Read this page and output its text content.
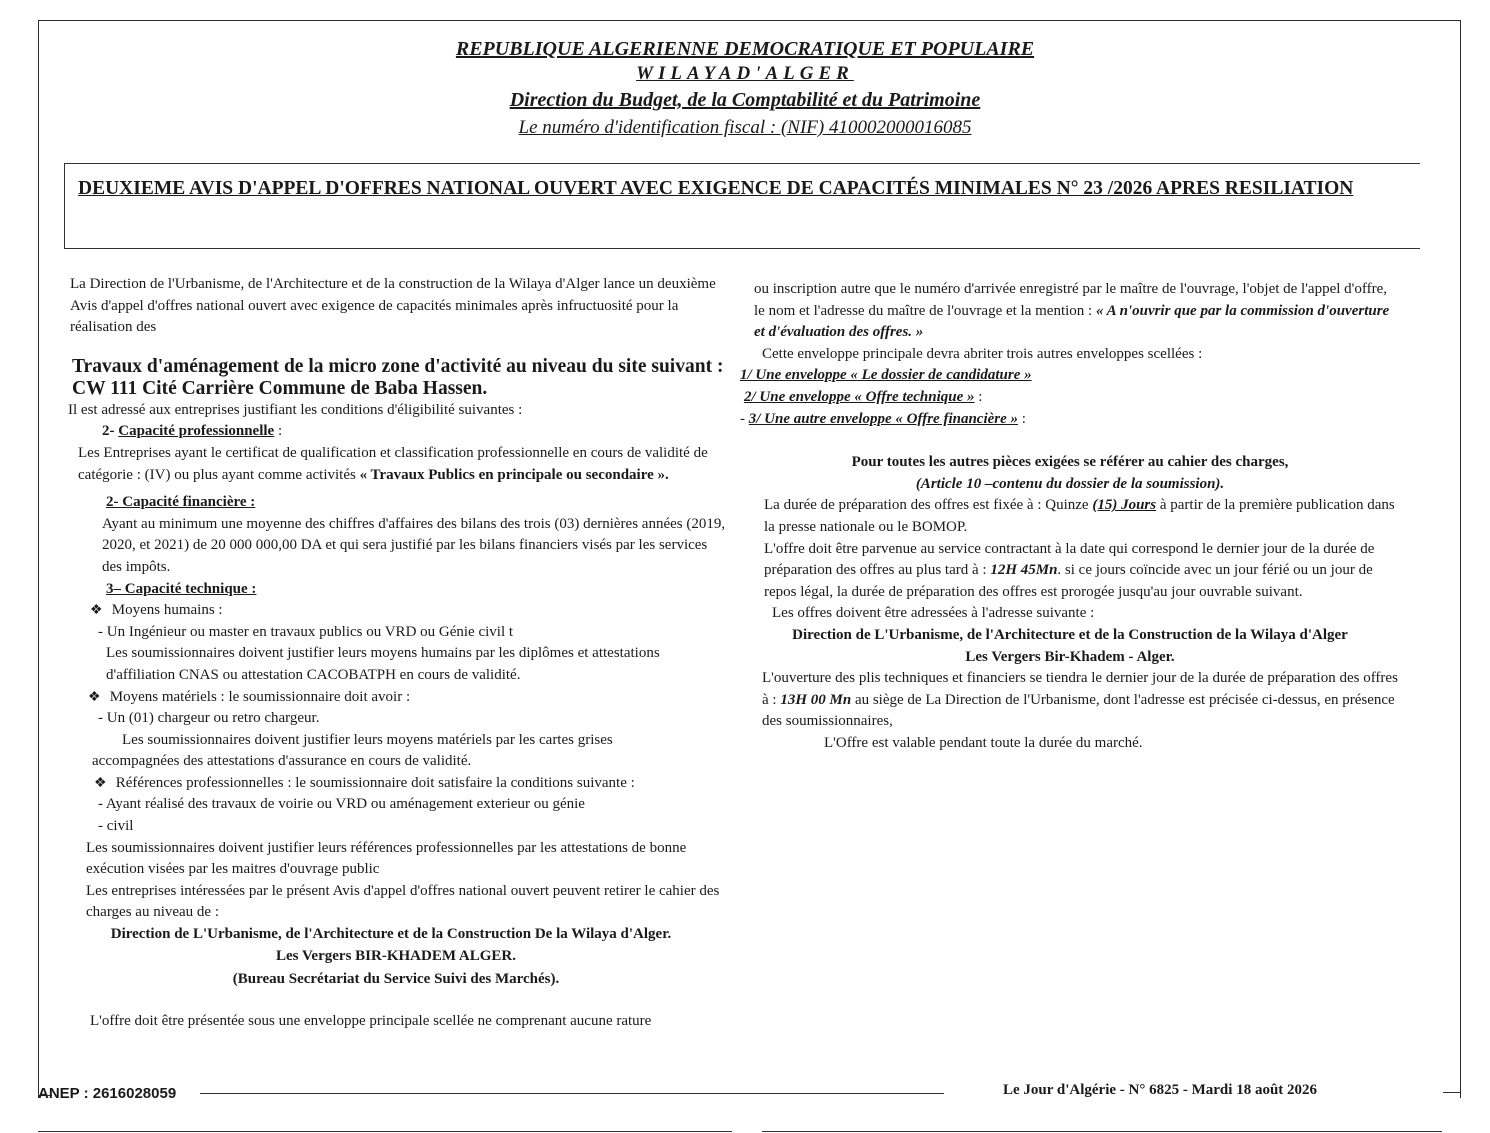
REPUBLIQUE ALGERIENNE DEMOCRATIQUE ET POPULAIRE
WILAYAD'ALGER
Direction du Budget, de la Comptabilité et du Patrimoine
Le numéro d'identification fiscal : (NIF) 410002000016085
DEUXIEME AVIS D'APPEL D'OFFRES NATIONAL OUVERT AVEC EXIGENCE DE CAPACITÉS MINIMALES N° 23 /2026 APRES RESILIATION

La Direction de l'Urbanisme, de l'Architecture et de la construction de la Wilaya d'Alger lance un deuxième Avis d'appel d'offres national ouvert avec exigence de capacités minimales après infructuosité pour la réalisation des

Travaux d'aménagement de la micro zone d'activité au niveau du site suivant : CW 111 Cité Carrière Commune de Baba Hassen.

Il est adressé aux entreprises justifiant les conditions d'éligibilité suivantes :

2- Capacité professionnelle :

Les Entreprises ayant le certificat de qualification et classification professionnelle en cours de validité de catégorie : (IV) ou plus ayant comme activités « Travaux Publics en principale ou secondaire ».

2- Capacité financière :

Ayant au minimum une moyenne des chiffres d'affaires des bilans des trois (03) dernières années (2019, 2020, et 2021) de 20 000 000,00 DA et qui sera justifié par les bilans financiers visés par les services des impôts.

3– Capacité technique :

❖ Moyens humains :

- Un Ingénieur ou master en travaux publics ou VRD ou Génie civil t

Les soumissionnaires doivent justifier leurs moyens humains par les diplômes et attestations d'affiliation CNAS ou attestation CACOBATPH en cours de validité.

❖ Moyens matériels : le soumissionnaire doit avoir :

- Un (01) chargeur ou retro chargeur.

Les soumissionnaires doivent justifier leurs moyens matériels par les cartes grises

accompagnées des attestations d'assurance en cours de validité.

❖ Références professionnelles : le soumissionnaire doit satisfaire la conditions suivante :

- Ayant réalisé des travaux de voirie ou VRD ou aménagement exterieur ou génie

- civil

Les soumissionnaires doivent justifier leurs références professionnelles par les attestations de bonne exécution visées par les maitres d'ouvrage public

Les entreprises intéressées par le présent Avis d'appel d'offres national ouvert peuvent retirer le cahier des charges au niveau de :

Direction de L'Urbanisme, de l'Architecture et de la Construction De la Wilaya d'Alger.

Les Vergers BIR-KHADEM ALGER.

(Bureau Secrétariat du Service Suivi des Marchés).

L'offre doit être présentée sous une enveloppe principale scellée ne comprenant aucune rature

ou inscription autre que le numéro d'arrivée enregistré par le maître de l'ouvrage, l'objet de l'appel d'offre, le nom et l'adresse du maître de l'ouvrage et la mention : « A n'ouvrir que par la commission d'ouverture et d'évaluation des offres. »

Cette enveloppe principale devra abriter trois autres enveloppes scellées :

1/ Une enveloppe « Le dossier de candidature »

2/ Une enveloppe « Offre technique » :

- 3/ Une autre enveloppe « Offre financière » :

Pour toutes les autres pièces exigées se référer au cahier des charges,

(Article 10 –contenu du dossier de la soumission).

La durée de préparation des offres est fixée à : Quinze (15) Jours à partir de la première publication dans la presse nationale ou le BOMOP.

L'offre doit être parvenue au service contractant à la date qui correspond le dernier jour de la durée de préparation des offres au plus tard à : 12H 45Mn. si ce jours coïncide avec un jour férié ou un jour de repos légal, la durée de préparation des offres est prorogée jusqu'au jour ouvrable suivant.

Les offres doivent être adressées à l'adresse suivante :

Direction de L'Urbanisme, de l'Architecture et de la Construction de la Wilaya d'Alger

Les Vergers Bir-Khadem - Alger.

L'ouverture des plis techniques et financiers se tiendra le dernier jour de la durée de préparation des offres à : 13H 00 Mn au siège de La Direction de l'Urbanisme, dont l'adresse est précisée ci-dessus, en présence des soumissionnaires,

L'Offre est valable pendant toute la durée du marché.

ANEP : 2616028059	Le Jour d'Algérie - N° 6825 - Mardi 18 août 2026
